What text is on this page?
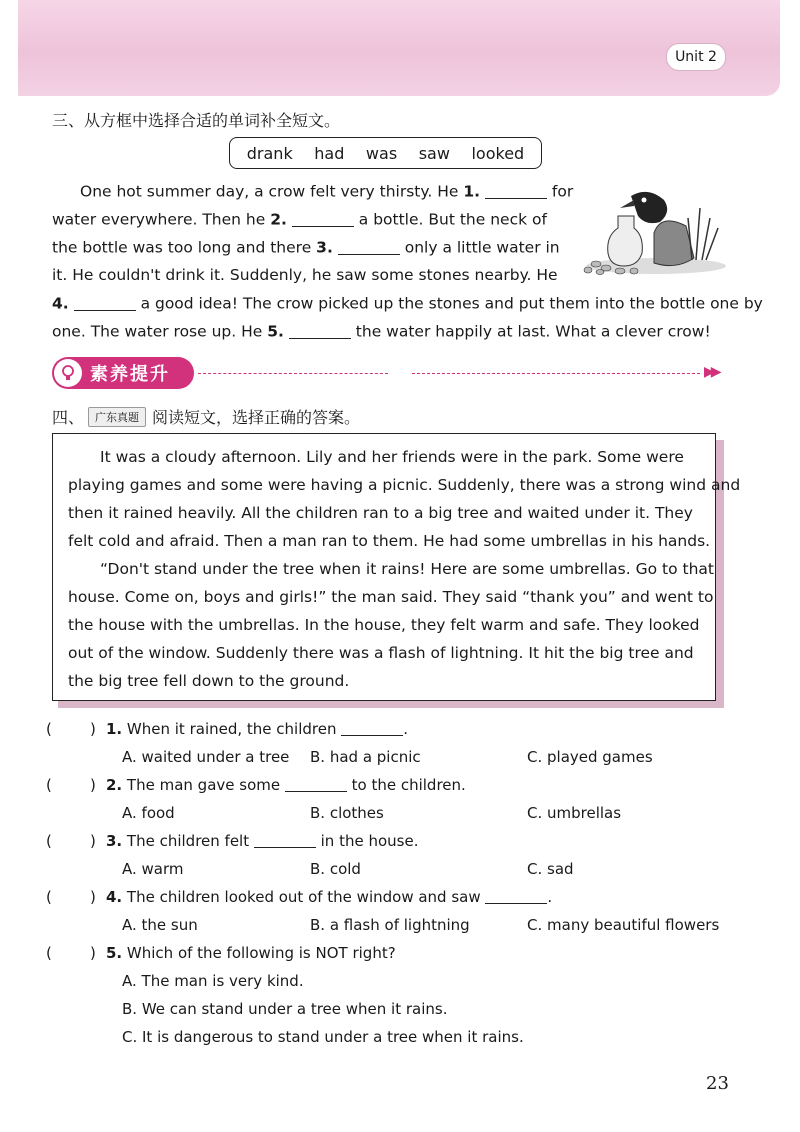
Unit 2
三、从方框中选择合适的单词补全短文。
drank had was saw looked
One hot summer day, a crow felt very thirsty. He 1.	for
water everywhere. Then he 2.	a bottle. But the neck of
the bottle was too long and there 3.	only a little water in
it. He couldn't drink it. Suddenly, he saw some stones nearby. He
4.	a good idea! The crow picked up the stones and put them into the bottle one by
one. The water rose up. He 5.	the water happily at last. What a clever crow!
素养提升	▶▶
四、 广东真题 阅读短文，选择正确的答案。
It was a cloudy afternoon. Lily and her friends were in the park. Some were
playing games and some were having a picnic. Suddenly, there was a strong wind and
then it rained heavily. All the children ran to a big tree and waited under it. They
felt cold and afraid. Then a man ran to them. He had some umbrellas in his hands.
“Don't stand under the tree when it rains! Here are some umbrellas. Go to that
house. Come on, boys and girls!” the man said. They said “thank you” and went to
the house with the umbrellas. In the house, they felt warm and safe. They looked
out of the window. Suddenly there was a flash of lightning. It hit the big tree and
the big tree fell down to the ground.
(	) 1. When it rained, the children	.
A. waited under a tree B. had a picnic	C. played games
(	) 2. The man gave some	to the children.
A. food	B. clothes	C. umbrellas
(	) 3. The children felt	in the house.
A. warm	B. cold	C. sad
(	) 4. The children looked out of the window and saw	.
A. the sun	B. a flash of lightning	C. many beautiful flowers
(	) 5. Which of the following is NOT right?
A. The man is very kind.
B. We can stand under a tree when it rains.
C. It is dangerous to stand under a tree when it rains.
23
